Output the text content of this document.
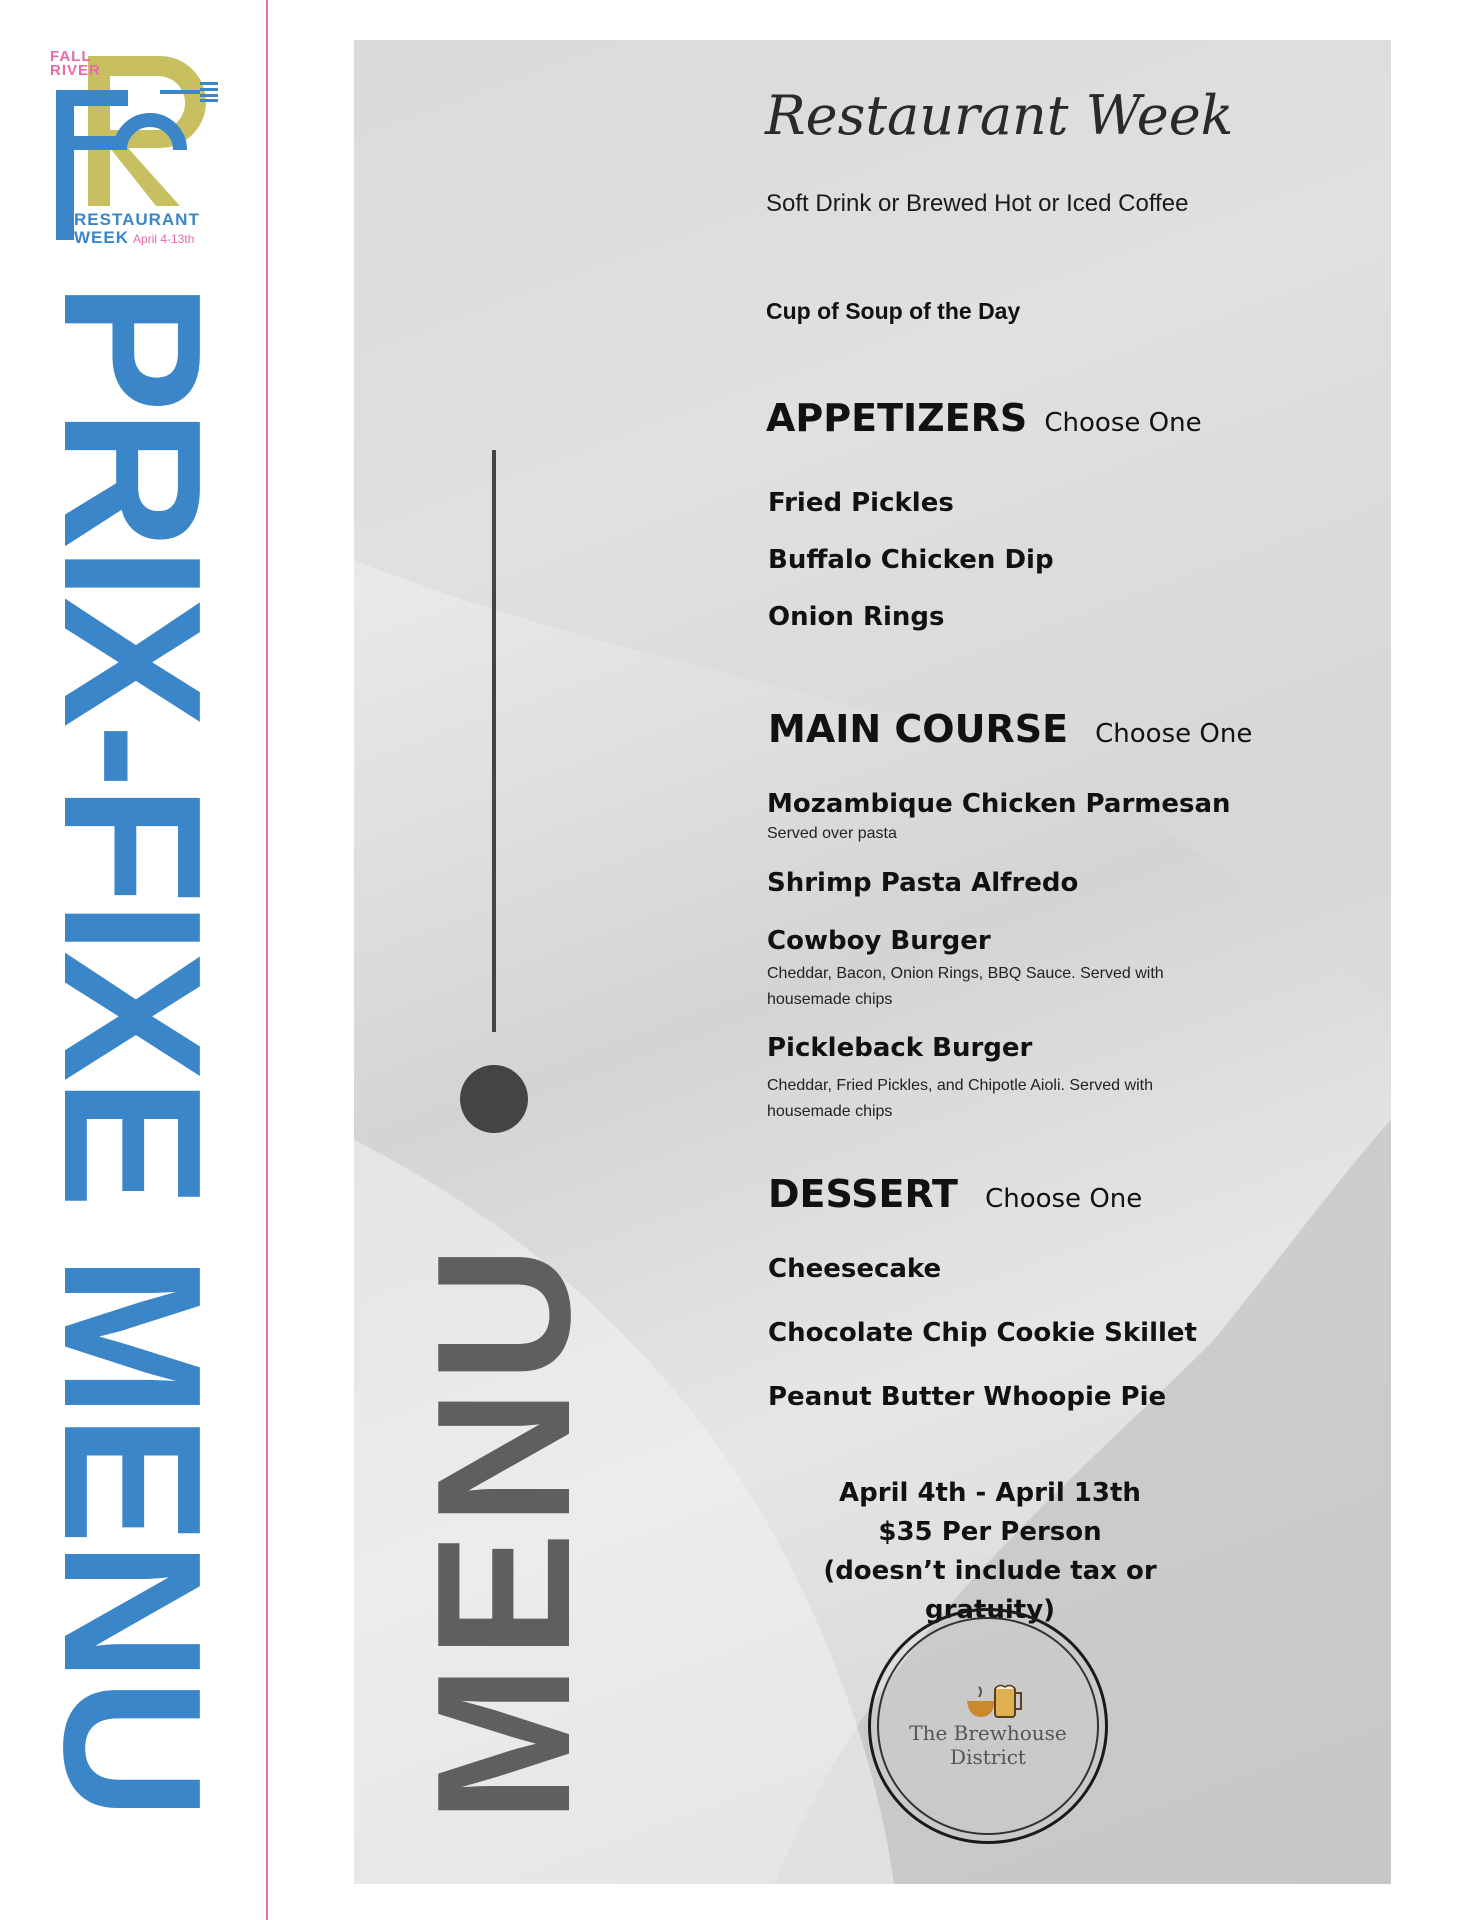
FALL
RIVER
RESTAURANT
WEEK April 4-13th
PRIX-FIXE MENU MENU
Restaurant Week
Soft Drink or Brewed Hot or Iced Coffee
Cup of Soup of the Day
APPETIZERS Choose One
Fried Pickles
Buffalo Chicken Dip
Onion Rings
MAIN COURSE Choose One
Mozambique Chicken Parmesan
Served over pasta
Shrimp Pasta Alfredo
Cowboy Burger
Cheddar, Bacon, Onion Rings, BBQ Sauce. Served with housemade chips
Pickleback Burger
Cheddar, Fried Pickles, and Chipotle Aioli. Served with housemade chips
DESSERT Choose One
Cheesecake
Chocolate Chip Cookie Skillet
Peanut Butter Whoopie Pie
April 4th - April 13th
$35 Per Person
(doesn’t include tax or gratuity)
The Brewhouse District
